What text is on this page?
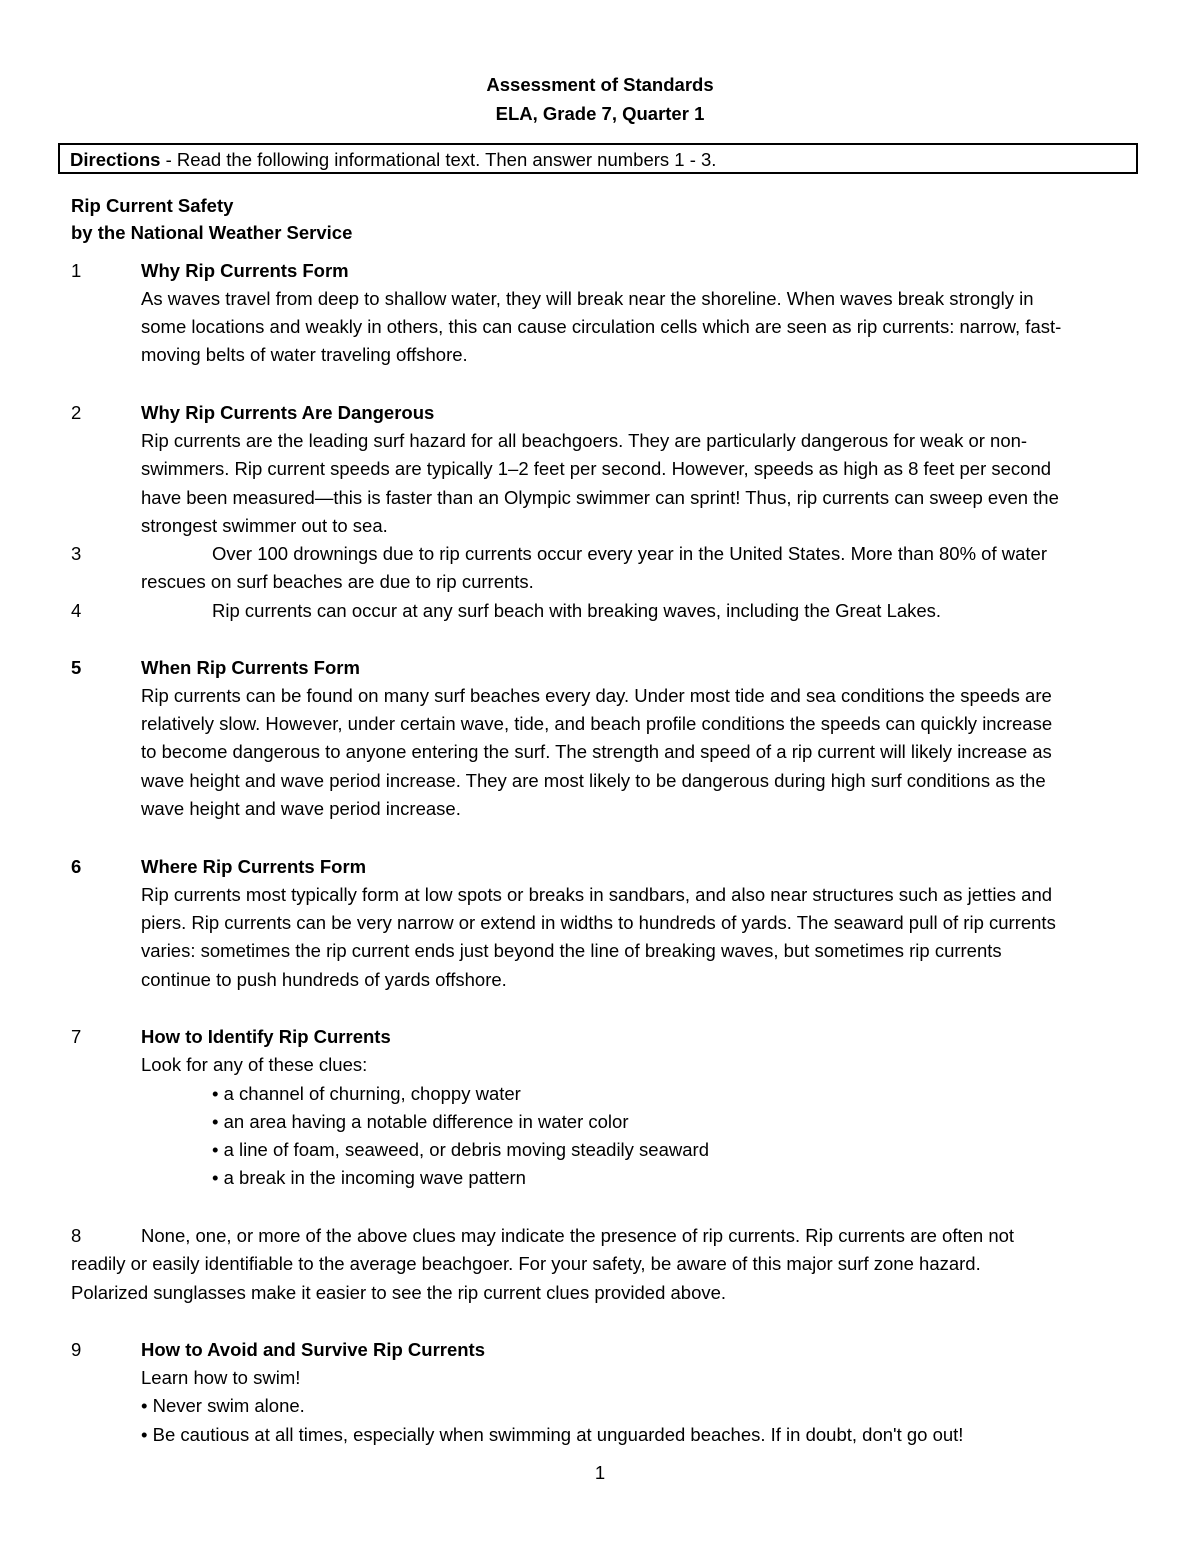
Assessment of Standards
ELA, Grade 7, Quarter 1
Directions - Read the following informational text. Then answer numbers 1 - 3.
Rip Current Safety
by the National Weather Service
1	Why Rip Currents Form
As waves travel from deep to shallow water, they will break near the shoreline. When waves break strongly in
some locations and weakly in others, this can cause circulation cells which are seen as rip currents: narrow, fast-
moving belts of water traveling offshore.
2	Why Rip Currents Are Dangerous
Rip currents are the leading surf hazard for all beachgoers. They are particularly dangerous for weak or non-
swimmers. Rip current speeds are typically 1–2 feet per second. However, speeds as high as 8 feet per second
have been measured—this is faster than an Olympic swimmer can sprint! Thus, rip currents can sweep even the
strongest swimmer out to sea.
3	Over 100 drownings due to rip currents occur every year in the United States. More than 80% of water
rescues on surf beaches are due to rip currents.
4	Rip currents can occur at any surf beach with breaking waves, including the Great Lakes.
5	When Rip Currents Form
Rip currents can be found on many surf beaches every day. Under most tide and sea conditions the speeds are
relatively slow. However, under certain wave, tide, and beach profile conditions the speeds can quickly increase
to become dangerous to anyone entering the surf. The strength and speed of a rip current will likely increase as
wave height and wave period increase. They are most likely to be dangerous during high surf conditions as the
wave height and wave period increase.
6	Where Rip Currents Form
Rip currents most typically form at low spots or breaks in sandbars, and also near structures such as jetties and
piers. Rip currents can be very narrow or extend in widths to hundreds of yards. The seaward pull of rip currents
varies: sometimes the rip current ends just beyond the line of breaking waves, but sometimes rip currents
continue to push hundreds of yards offshore.
7	How to Identify Rip Currents
Look for any of these clues:
• a channel of churning, choppy water
• an area having a notable difference in water color
• a line of foam, seaweed, or debris moving steadily seaward
• a break in the incoming wave pattern
8	None, one, or more of the above clues may indicate the presence of rip currents. Rip currents are often not
readily or easily identifiable to the average beachgoer. For your safety, be aware of this major surf zone hazard.
Polarized sunglasses make it easier to see the rip current clues provided above.
9	How to Avoid and Survive Rip Currents
Learn how to swim!
• Never swim alone.
• Be cautious at all times, especially when swimming at unguarded beaches. If in doubt, don't go out!
1
